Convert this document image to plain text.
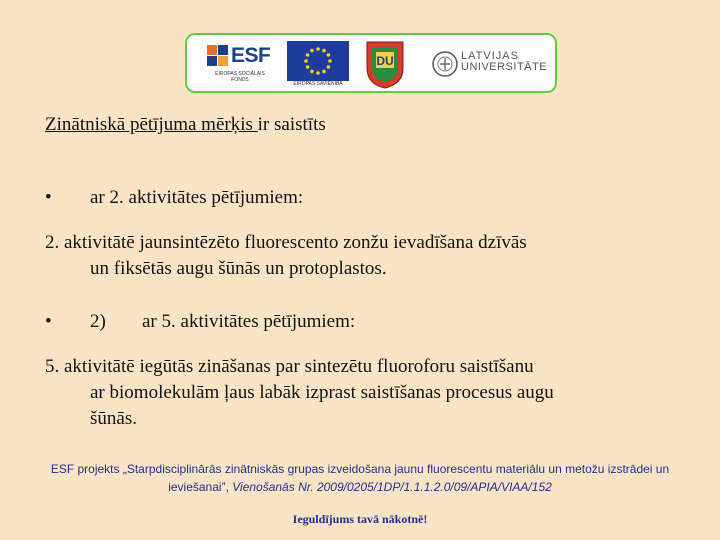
ESF
EIROPAS SOCIĀLAIS
FONDS
EIROPAS SAVIENĪBA
DU	LATVIJAS
UNIVERSITĀTE
Zinātniskā pētījuma mērķis ir saistīts
• ar 2. aktivitātes pētījumiem:
2. aktivitātē jaunsintēzēto fluorescento zonžu ievadīšana dzīvās
un fiksētās augu šūnās un protoplastos.
• 2) ar 5. aktivitātes pētījumiem:
5. aktivitātē iegūtās zināšanas par sintezētu fluoroforu saistīšanu
ar biomolekulām ļaus labāk izprast saistīšanas procesus augu
šūnās.
ESF projekts „Starpdisciplinārās zinātniskās grupas izveidošana jaunu fluorescentu materiālu un metožu izstrādei un ieviešanai”, Vienošanās Nr. 2009/0205/1DP/1.1.1.2.0/09/APIA/VIAA/152
Ieguldījums tavā nākotnē!
